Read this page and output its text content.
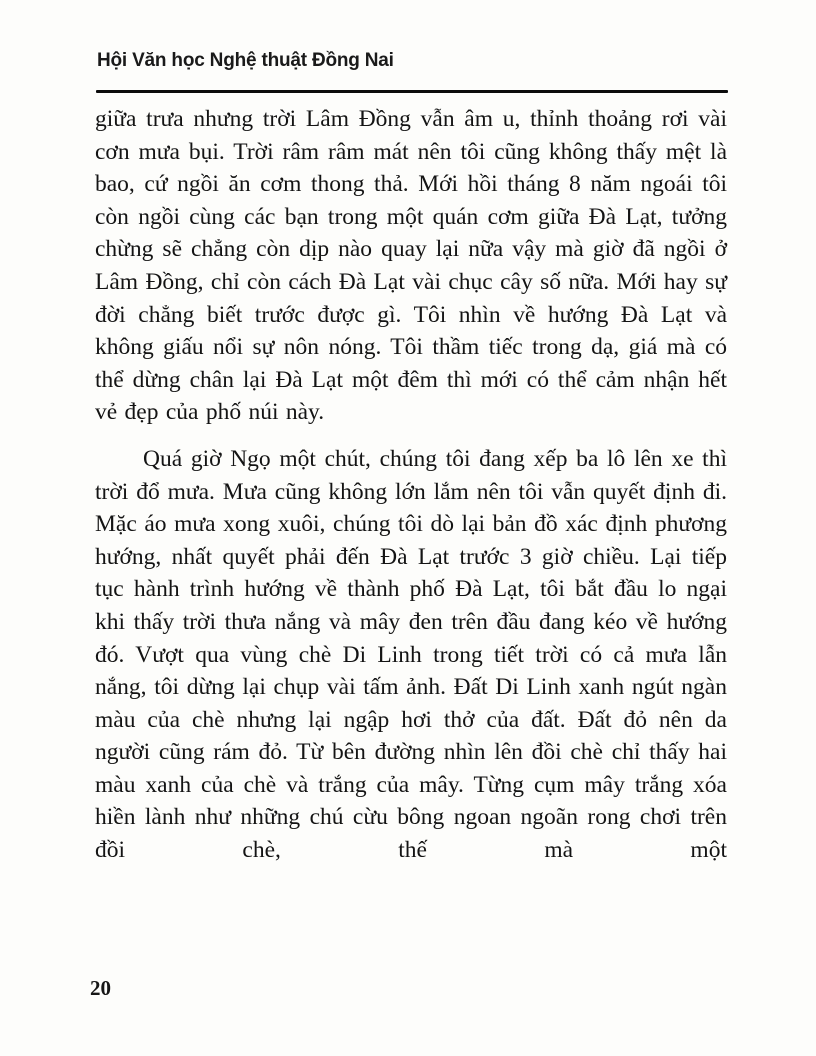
Hội Văn học Nghệ thuật Đồng Nai

giữa trưa nhưng trời Lâm Đồng vẫn âm u, thỉnh thoảng rơi vài cơn mưa bụi. Trời râm râm mát nên tôi cũng không thấy mệt là bao, cứ ngồi ăn cơm thong thả. Mới hồi tháng 8 năm ngoái tôi còn ngồi cùng các bạn trong một quán cơm giữa Đà Lạt, tưởng chừng sẽ chẳng còn dịp nào quay lại nữa vậy mà giờ đã ngồi ở Lâm Đồng, chỉ còn cách Đà Lạt vài chục cây số nữa. Mới hay sự đời chẳng biết trước được gì. Tôi nhìn về hướng Đà Lạt và không giấu nổi sự nôn nóng. Tôi thầm tiếc trong dạ, giá mà có thể dừng chân lại Đà Lạt một đêm thì mới có thể cảm nhận hết vẻ đẹp của phố núi này.

Quá giờ Ngọ một chút, chúng tôi đang xếp ba lô lên xe thì trời đổ mưa. Mưa cũng không lớn lắm nên tôi vẫn quyết định đi. Mặc áo mưa xong xuôi, chúng tôi dò lại bản đồ xác định phương hướng, nhất quyết phải đến Đà Lạt trước 3 giờ chiều. Lại tiếp tục hành trình hướng về thành phố Đà Lạt, tôi bắt đầu lo ngại khi thấy trời thưa nắng và mây đen trên đầu đang kéo về hướng đó. Vượt qua vùng chè Di Linh trong tiết trời có cả mưa lẫn nắng, tôi dừng lại chụp vài tấm ảnh. Đất Di Linh xanh ngút ngàn màu của chè nhưng lại ngập hơi thở của đất. Đất đỏ nên da người cũng rám đỏ. Từ bên đường nhìn lên đồi chè chỉ thấy hai màu xanh của chè và trắng của mây. Từng cụm mây trắng xóa hiền lành như những chú cừu bông ngoan ngoãn rong chơi trên đồi chè, thế mà một

20
